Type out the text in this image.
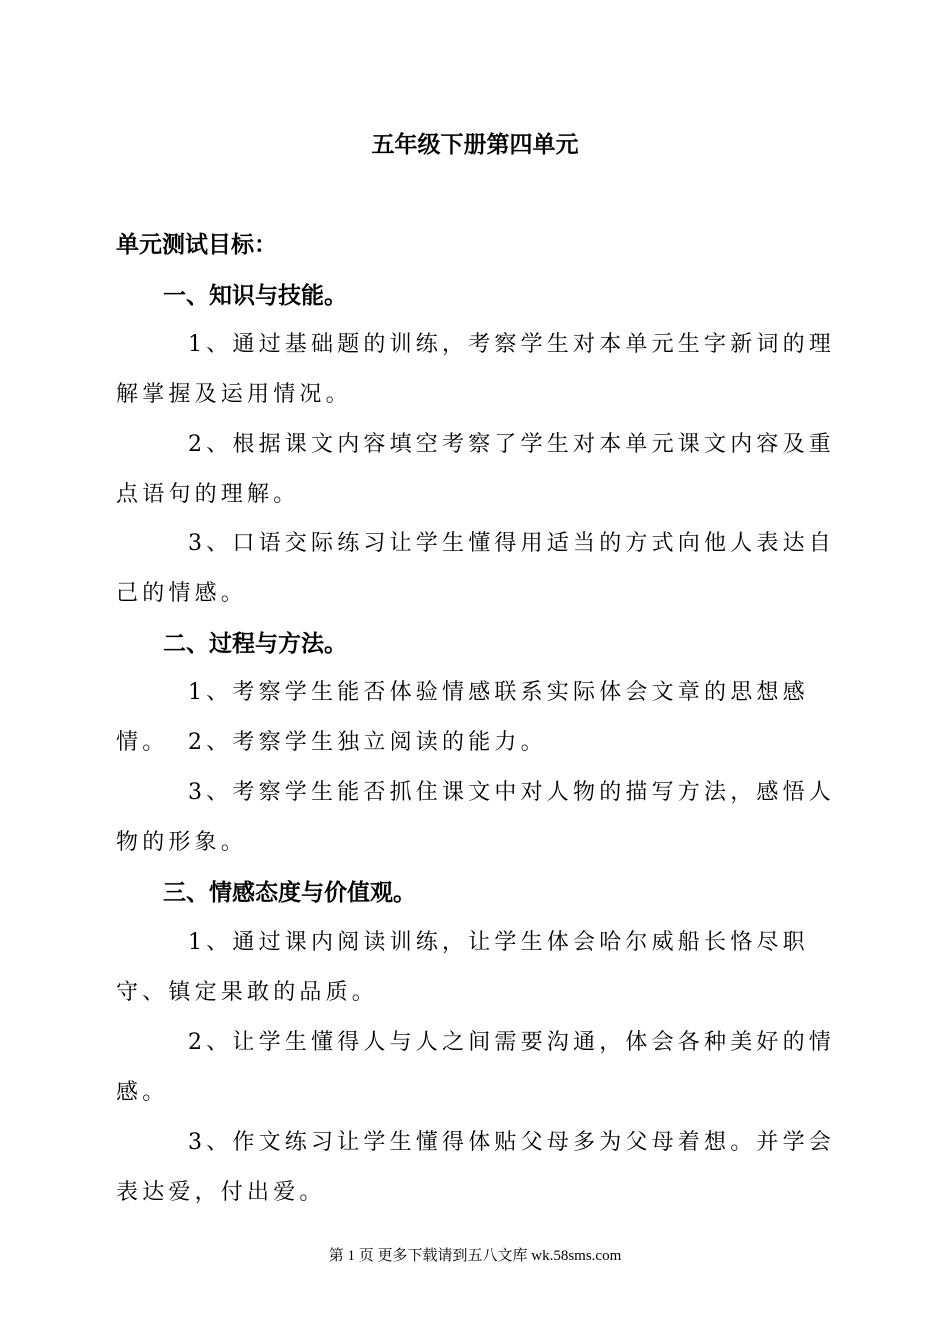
五年级下册第四单元
单元测试目标：
一、知识与技能。

1、通过基础题的训练，考察学生对本单元生字新词的理解掌握及运用情况。

2、根据课文内容填空考察了学生对本单元课文内容及重点语句的理解。

3、口语交际练习让学生懂得用适当的方式向他人表达自己的情感。

二、过程与方法。

1、考察学生能否体验情感联系实际体会文章的思想感情。 2、考察学生独立阅读的能力。

3、考察学生能否抓住课文中对人物的描写方法，感悟人物的形象。

三、情感态度与价值观。

1、通过课内阅读训练，让学生体会哈尔威船长恪尽职守、镇定果敢的品质。

2、让学生懂得人与人之间需要沟通，体会各种美好的情感。

3、作文练习让学生懂得体贴父母多为父母着想。并学会表达爱，付出爱。

第 1 页 更多下载请到五八文库 wk.58sms.com
